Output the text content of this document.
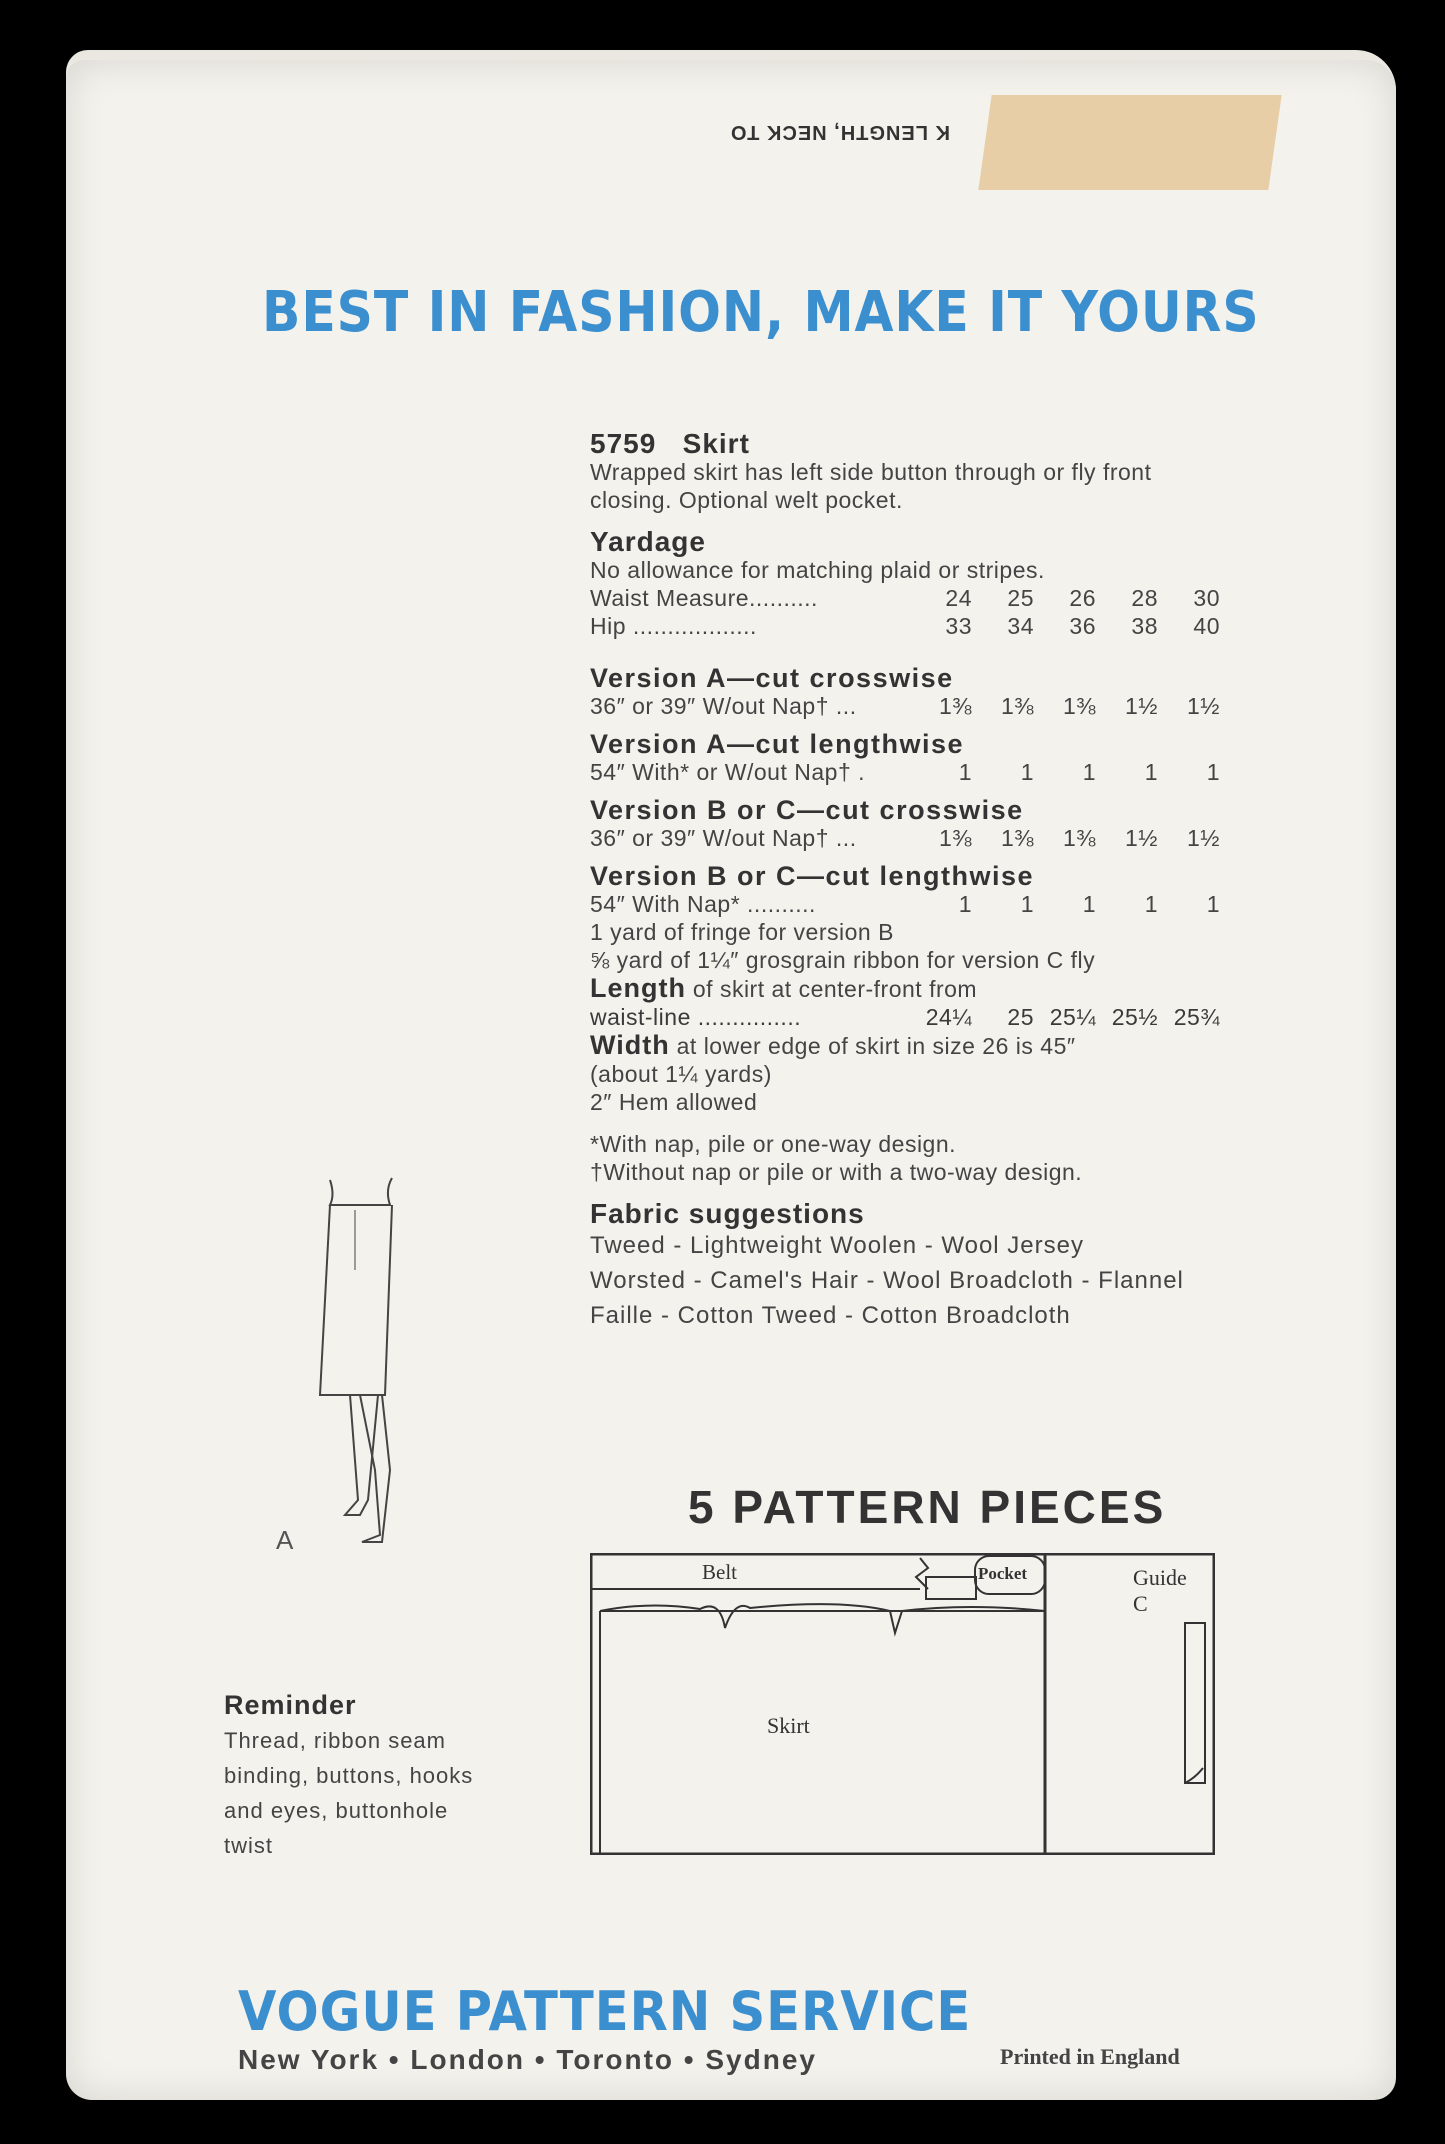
K LENGTH, NECK TO
BEST IN FASHION, MAKE IT YOURS
5759 Skirt
Wrapped skirt has left side button through or fly front closing. Optional welt pocket.
Yardage
No allowance for matching plaid or stripes.
Waist Measure..........	24	25	26	28	30
Hip ..................	33	34	36	38	40
Version A—cut crosswise
36″ or 39″ W/out Nap† ...	1⅜	1⅜	1⅜	1½	1½
Version A—cut lengthwise
54″ With* or W/out Nap† .	1	1	1	1	1
Version B or C—cut crosswise
36″ or 39″ W/out Nap† ...	1⅜	1⅜	1⅜	1½	1½
Version B or C—cut lengthwise
54″ With Nap* ..........	1	1	1	1	1
1 yard of fringe for version B
⅝ yard of 1¼″ grosgrain ribbon for version C fly
Length of skirt at center-front from
waist-line ...............	24¼	25 25¼ 25½ 25¾
Width at lower edge of skirt in size 26 is 45″
(about 1¼ yards)
2″ Hem allowed
*With nap, pile or one-way design.
†Without nap or pile or with a two-way design.
Fabric suggestions
Tweed - Lightweight Woolen - Wool Jersey
Worsted - Camel's Hair - Wool Broadcloth - Flannel
Faille - Cotton Tweed - Cotton Broadcloth
5 PATTERN PIECES
Belt	Pocket
Skirt
Guide
C
A
Reminder
Thread, ribbon seam binding, buttons, hooks and eyes, buttonhole twist
VOGUE PATTERN SERVICE
New York • London • Toronto • Sydney	Printed in England
